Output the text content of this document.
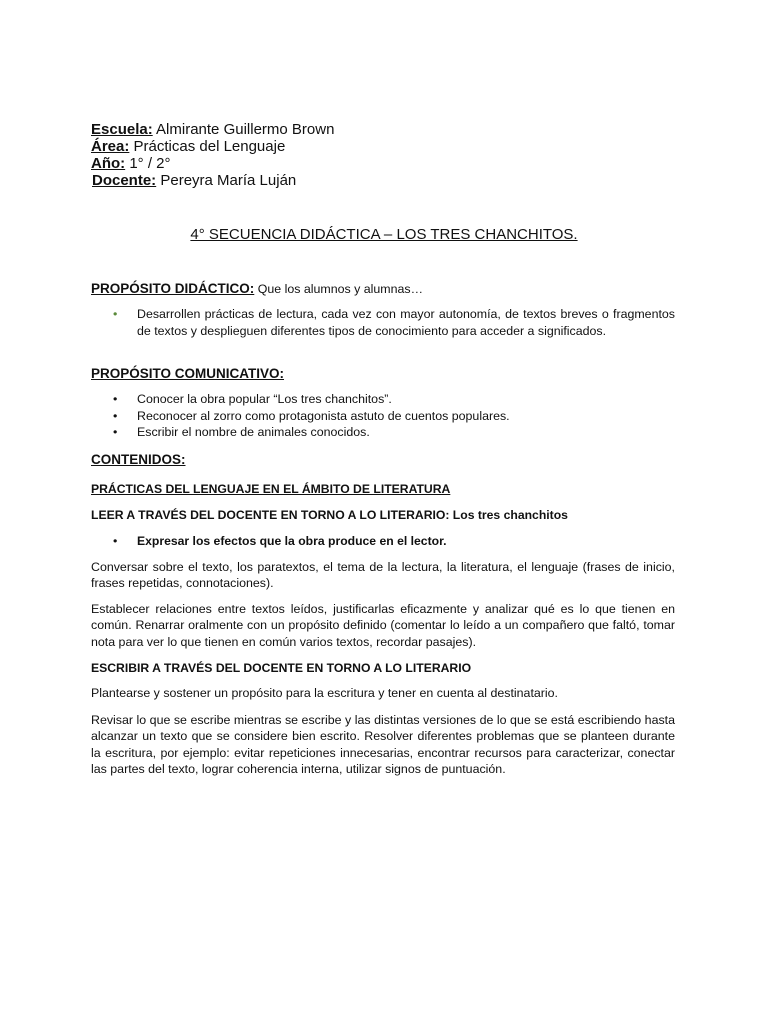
Escuela: Almirante Guillermo Brown
Área: Prácticas del Lenguaje
Año: 1° / 2°
Docente: Pereyra María Luján
4° SECUENCIA DIDÁCTICA – LOS TRES CHANCHITOS.
PROPÓSITO DIDÁCTICO: Que los alumnos y alumnas…
• Desarrollen prácticas de lectura, cada vez con mayor autonomía, de textos breves o fragmentos de textos y desplieguen diferentes tipos de conocimiento para acceder a significados.
PROPÓSITO COMUNICATIVO:
• Conocer la obra popular “Los tres chanchitos”.
• Reconocer al zorro como protagonista astuto de cuentos populares.
• Escribir el nombre de animales conocidos.
CONTENIDOS:
PRÁCTICAS DEL LENGUAJE EN EL ÁMBITO DE LITERATURA
LEER A TRAVÉS DEL DOCENTE EN TORNO A LO LITERARIO: Los tres chanchitos
• Expresar los efectos que la obra produce en el lector.
Conversar sobre el texto, los paratextos, el tema de la lectura, la literatura, el lenguaje (frases de inicio, frases repetidas, connotaciones).
Establecer relaciones entre textos leídos, justificarlas eficazmente y analizar qué es lo que tienen en común. Renarrar oralmente con un propósito definido (comentar lo leído a un compañero que faltó, tomar nota para ver lo que tienen en común varios textos, recordar pasajes).
ESCRIBIR A TRAVÉS DEL DOCENTE EN TORNO A LO LITERARIO
Plantearse y sostener un propósito para la escritura y tener en cuenta al destinatario.
Revisar lo que se escribe mientras se escribe y las distintas versiones de lo que se está escribiendo hasta alcanzar un texto que se considere bien escrito. Resolver diferentes problemas que se planteen durante la escritura, por ejemplo: evitar repeticiones innecesarias, encontrar recursos para caracterizar, conectar las partes del texto, lograr coherencia interna, utilizar signos de puntuación.
